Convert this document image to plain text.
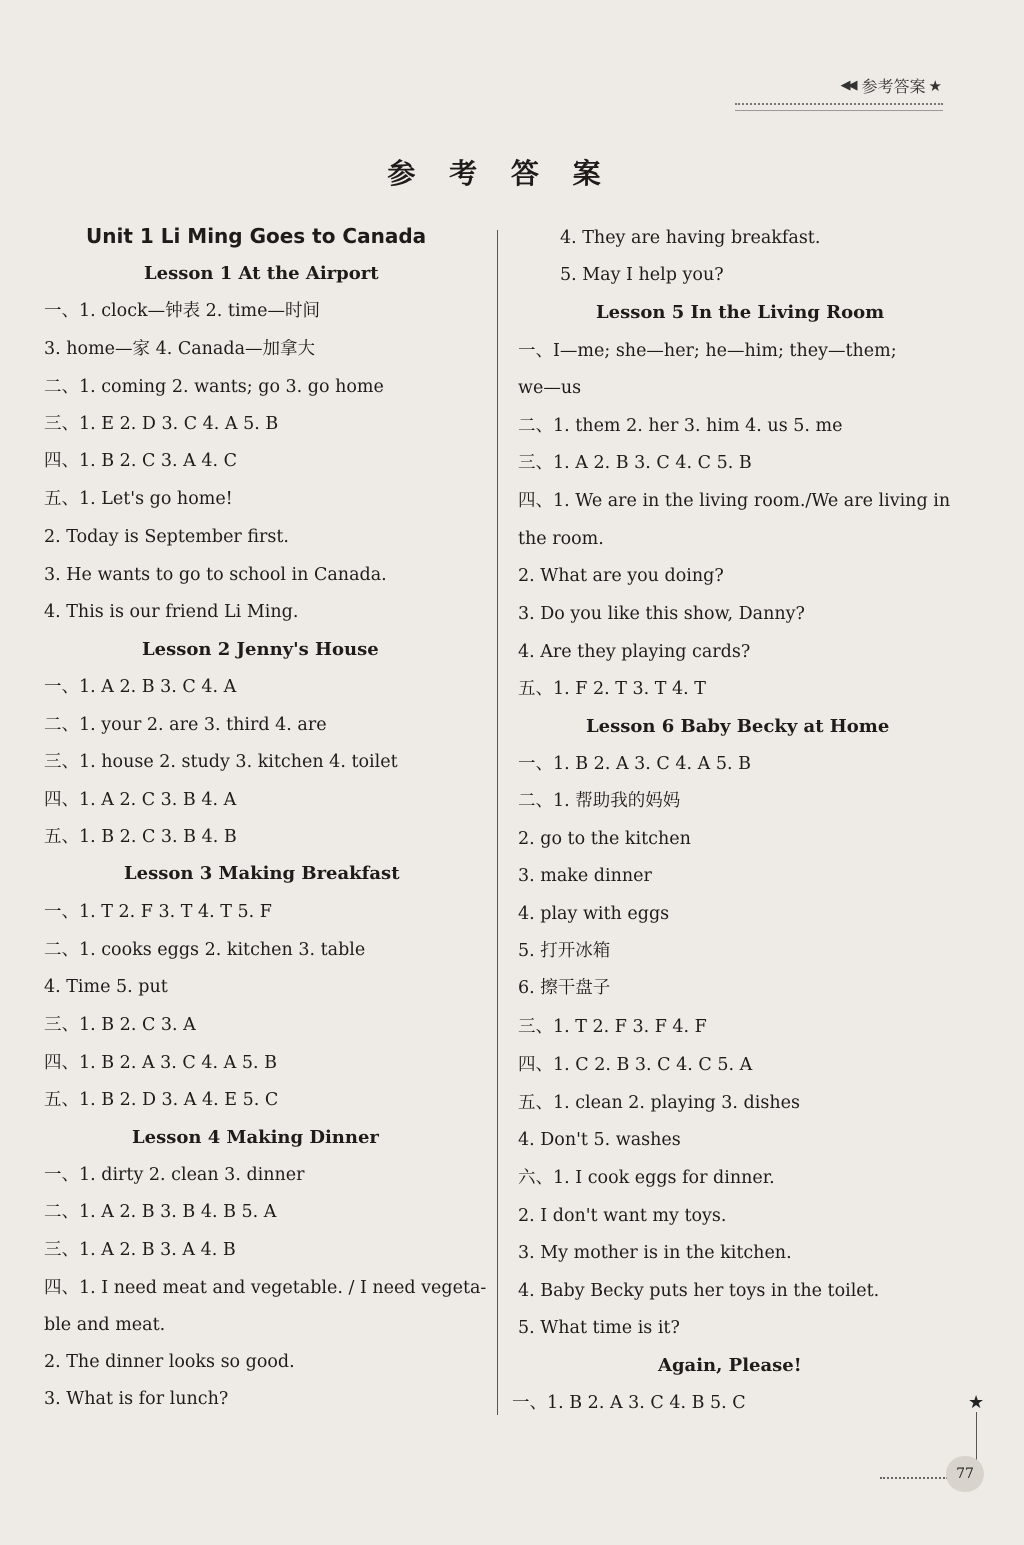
◀◀ 参考答案 ★
参 考 答 案
Unit 1 Li Ming Goes to Canada
Lesson 1 At the Airport
一、1. clock—钟表 2. time—时间
3. home—家 4. Canada—加拿大
二、1. coming 2. wants; go 3. go home
三、1. E 2. D 3. C 4. A 5. B
四、1. B 2. C 3. A 4. C
五、1. Let's go home!
2. Today is September first.
3. He wants to go to school in Canada.
4. This is our friend Li Ming.
Lesson 2 Jenny's House
一、1. A 2. B 3. C 4. A
二、1. your 2. are 3. third 4. are
三、1. house 2. study 3. kitchen 4. toilet
四、1. A 2. C 3. B 4. A
五、1. B 2. C 3. B 4. B
Lesson 3 Making Breakfast
一、1. T 2. F 3. T 4. T 5. F
二、1. cooks eggs 2. kitchen 3. table
4. Time 5. put
三、1. B 2. C 3. A
四、1. B 2. A 3. C 4. A 5. B
五、1. B 2. D 3. A 4. E 5. C
Lesson 4 Making Dinner
一、1. dirty 2. clean 3. dinner
二、1. A 2. B 3. B 4. B 5. A
三、1. A 2. B 3. A 4. B
四、1. I need meat and vegetable. / I need vegeta-
ble and meat.
2. The dinner looks so good.
3. What is for lunch?
4. They are having breakfast.
5. May I help you?
Lesson 5 In the Living Room
一、I—me; she—her; he—him; they—them;
we—us
二、1. them 2. her 3. him 4. us 5. me
三、1. A 2. B 3. C 4. C 5. B
四、1. We are in the living room./We are living in
the room.
2. What are you doing?
3. Do you like this show, Danny?
4. Are they playing cards?
五、1. F 2. T 3. T 4. T
Lesson 6 Baby Becky at Home
一、1. B 2. A 3. C 4. A 5. B
二、1. 帮助我的妈妈
2. go to the kitchen
3. make dinner
4. play with eggs
5. 打开冰箱
6. 擦干盘子
三、1. T 2. F 3. F 4. F
四、1. C 2. B 3. C 4. C 5. A
五、1. clean 2. playing 3. dishes
4. Don't 5. washes
六、1. I cook eggs for dinner.
2. I don't want my toys.
3. My mother is in the kitchen.
4. Baby Becky puts her toys in the toilet.
5. What time is it?
Again, Please!
一、1. B 2. A 3. C 4. B 5. C	★
77
